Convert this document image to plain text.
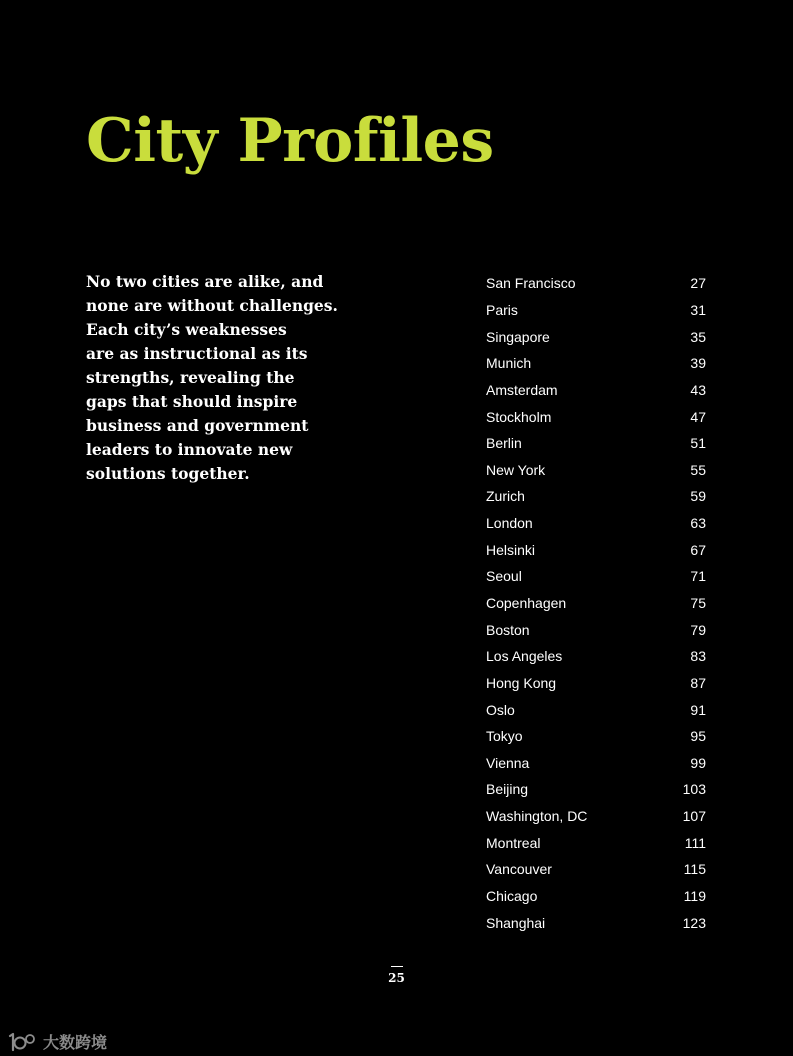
City Profiles
No two cities are alike, and
none are without challenges.
Each city’s weaknesses
are as instructional as its
strengths, revealing the
gaps that should inspire
business and government
leaders to innovate new
solutions together.
San Francisco	27
Paris	31
Singapore	35
Munich	39
Amsterdam	43
Stockholm	47
Berlin	51
New York	55
Zurich	59
London	63
Helsinki	67
Seoul	71
Copenhagen	75
Boston	79
Los Angeles	83
Hong Kong	87
Oslo	91
Tokyo	95
Vienna	99
Beijing	103
Washington, DC	107
Montreal	111
Vancouver	115
Chicago	119
Shanghai	123
25
大数跨境
